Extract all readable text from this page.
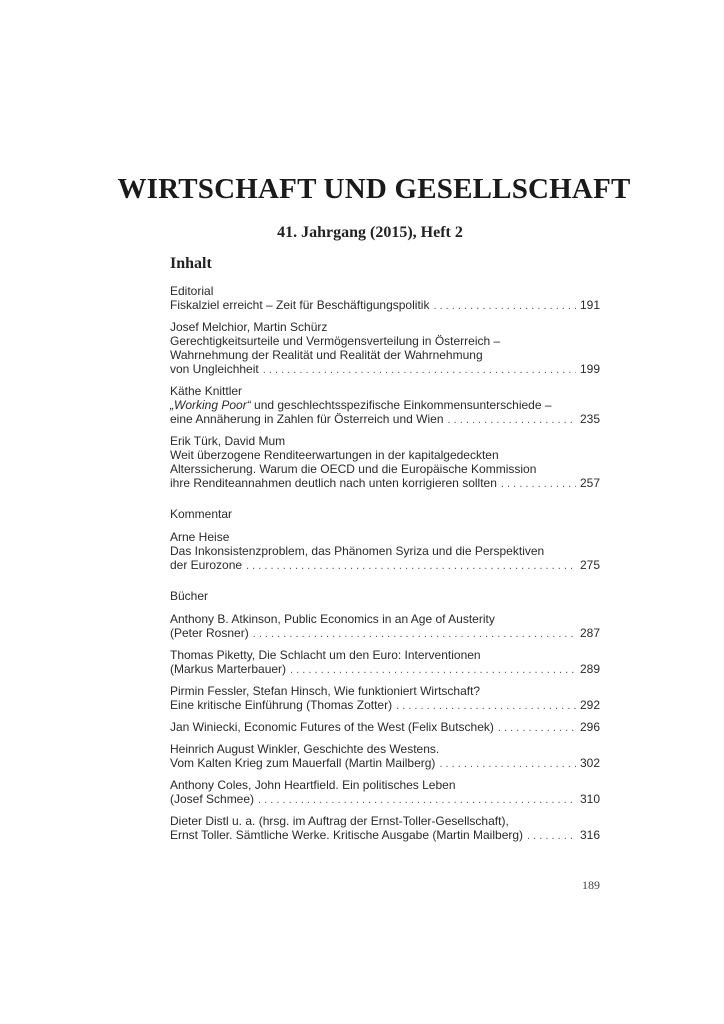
WIRTSCHAFT UND GESELLSCHAFT
41. Jahrgang (2015), Heft 2
Inhalt
Editorial
Fiskalziel erreicht – Zeit für Beschäftigungspolitik . . .	191
Josef Melchior, Martin Schürz
Gerechtigkeitsurteile und Vermögensverteilung in Österreich –
Wahrnehmung der Realität und Realität der Wahrnehmung
von Ungleichheit . . .	199
Käthe Knittler
„Working Poor“ und geschlechtsspezifische Einkommensunterschiede –
eine Annäherung in Zahlen für Österreich und Wien . . .	235
Erik Türk, David Mum
Weit überzogene Renditeerwartungen in der kapitalgedeckten
Alterssicherung. Warum die OECD und die Europäische Kommission
ihre Renditeannahmen deutlich nach unten korrigieren sollten . . .	257
Kommentar
Arne Heise
Das Inkonsistenzproblem, das Phänomen Syriza und die Perspektiven
der Eurozone . . .	275
Bücher
Anthony B. Atkinson, Public Economics in an Age of Austerity
(Peter Rosner) . . .	287
Thomas Piketty, Die Schlacht um den Euro: Interventionen
(Markus Marterbauer) . . .	289
Pirmin Fessler, Stefan Hinsch, Wie funktioniert Wirtschaft?
Eine kritische Einführung (Thomas Zotter) . . .	292
Jan Winiecki, Economic Futures of the West (Felix Butschek) . . .	296
Heinrich August Winkler, Geschichte des Westens.
Vom Kalten Krieg zum Mauerfall (Martin Mailberg) . . .	302
Anthony Coles, John Heartfield. Ein politisches Leben
(Josef Schmee) . . .	310
Dieter Distl u. a. (hrsg. im Auftrag der Ernst-Toller-Gesellschaft),
Ernst Toller. Sämtliche Werke. Kritische Ausgabe (Martin Mailberg) . . .	316
189
